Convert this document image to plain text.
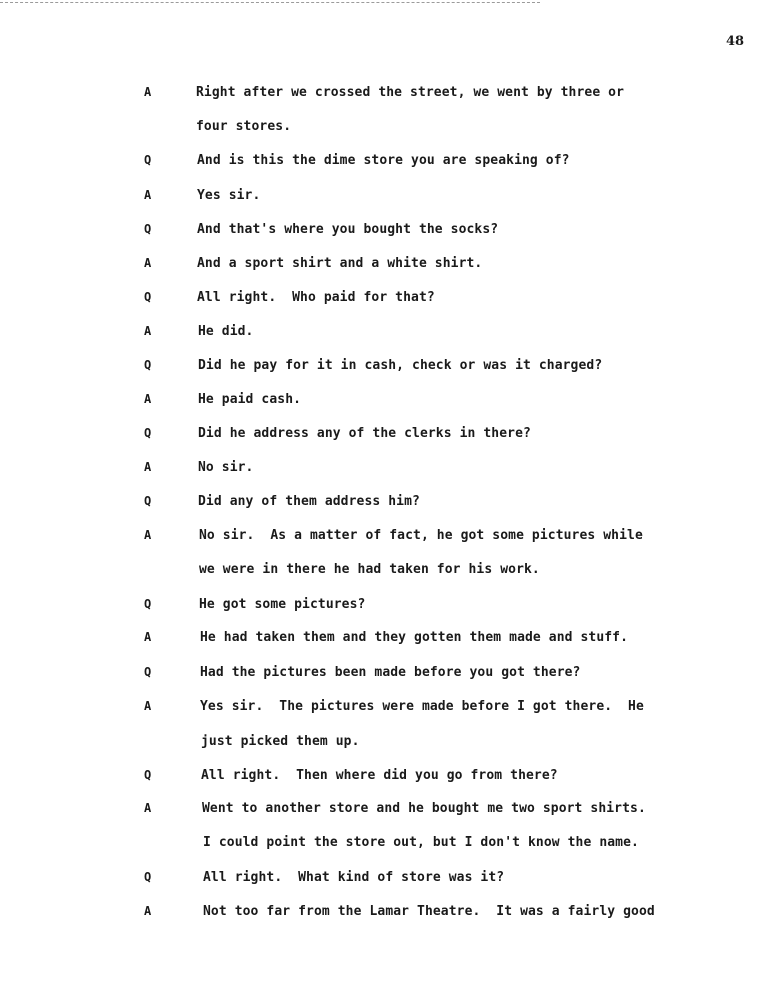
48
A	Right after we crossed the street, we went by three or
four stores.
Q	And is this the dime store you are speaking of?
A	Yes sir.
Q	And that's where you bought the socks?
A	And a sport shirt and a white shirt.
Q	All right.  Who paid for that?
A	He did.
Q	Did he pay for it in cash, check or was it charged?
A	He paid cash.
Q	Did he address any of the clerks in there?
A	No sir.
Q	Did any of them address him?
A	No sir.  As a matter of fact, he got some pictures while
we were in there he had taken for his work.
Q	He got some pictures?
A	He had taken them and they gotten them made and stuff.
Q	Had the pictures been made before you got there?
A	Yes sir.  The pictures were made before I got there.  He
just picked them up.
Q	All right.  Then where did you go from there?
A	Went to another store and he bought me two sport shirts.
I could point the store out, but I don't know the name.
Q	All right.  What kind of store was it?
A	Not too far from the Lamar Theatre.  It was a fairly good
